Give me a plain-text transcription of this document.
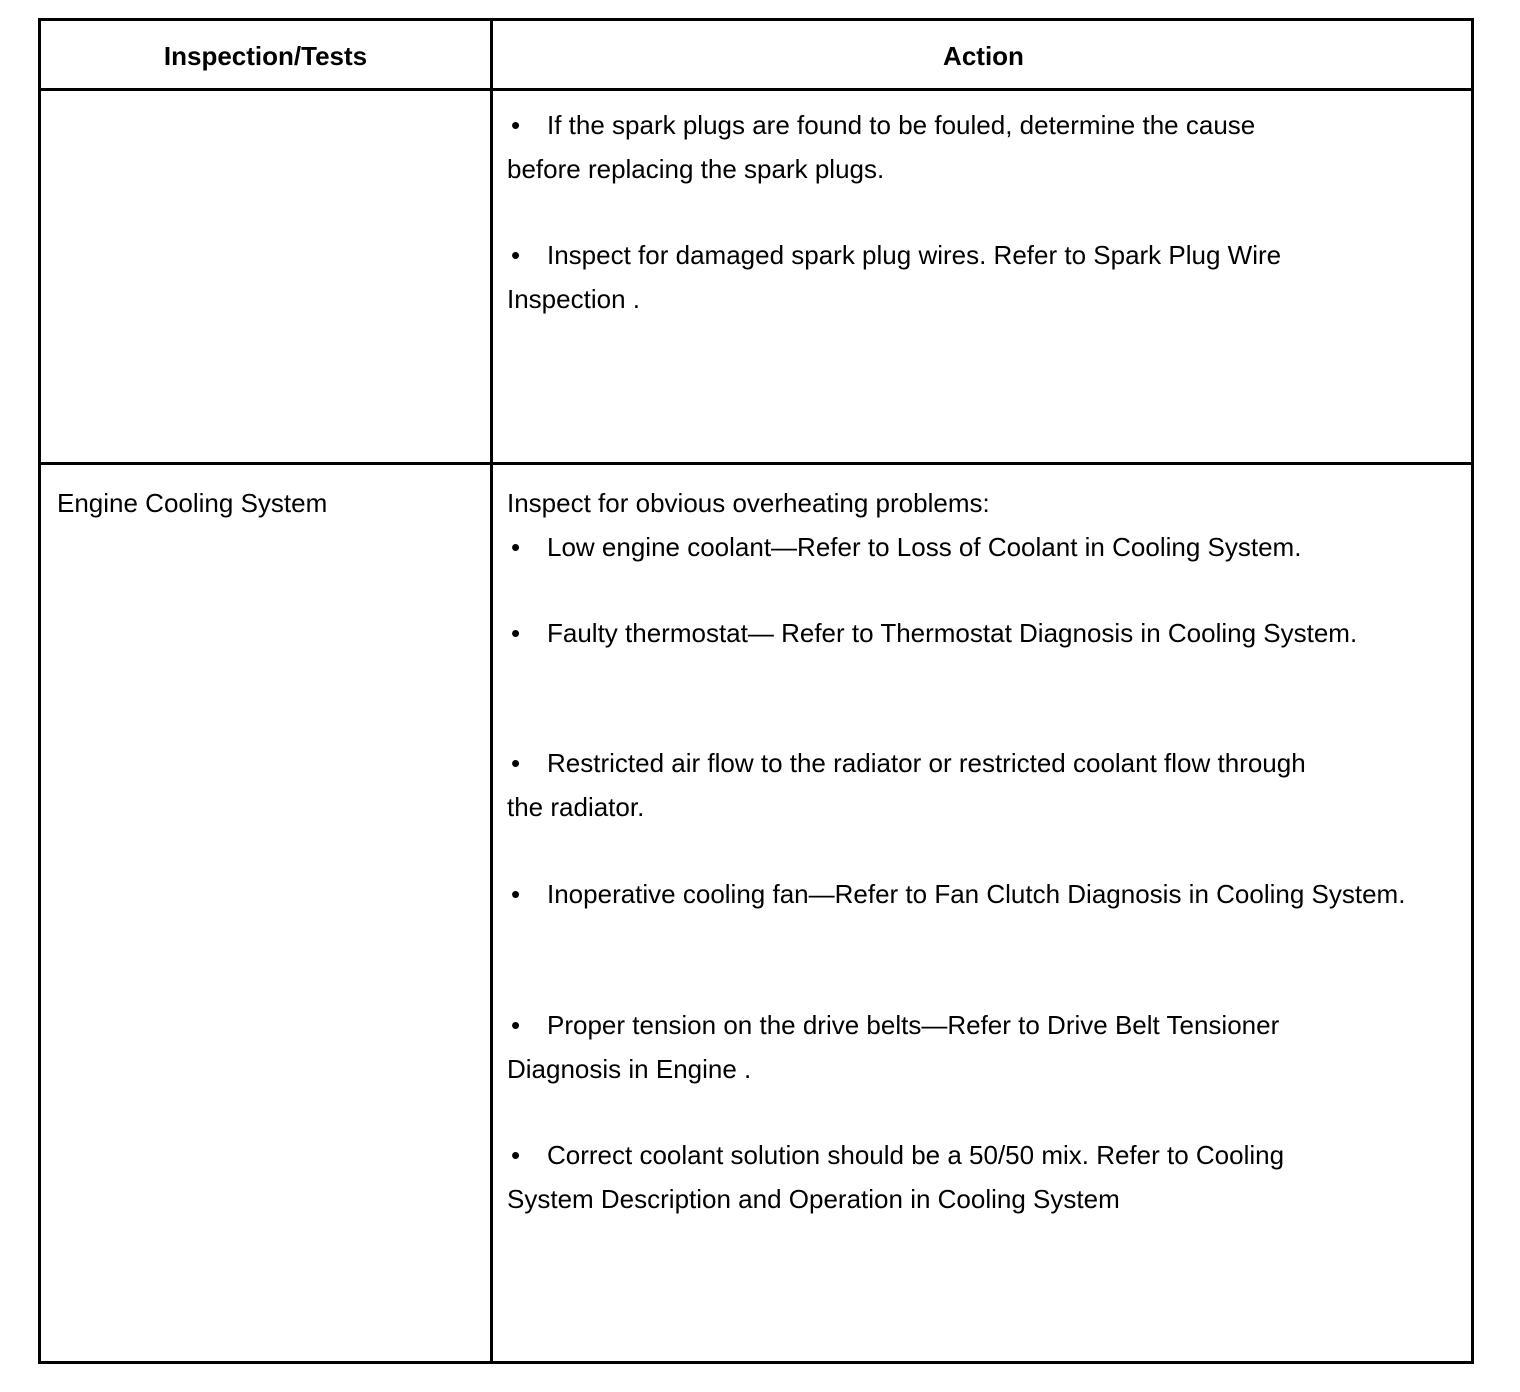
Inspection/Tests	Action
• If the spark plugs are found to be fouled, determine the cause
before replacing the spark plugs.
• Inspect for damaged spark plug wires. Refer to Spark Plug Wire
Inspection .
Engine Cooling System	Inspect for obvious overheating problems:
• Low engine coolant—Refer to Loss of Coolant in Cooling System.
• Faulty thermostat— Refer to Thermostat Diagnosis in Cooling System.
• Restricted air flow to the radiator or restricted coolant flow through
the radiator.
• Inoperative cooling fan—Refer to Fan Clutch Diagnosis in Cooling System.
• Proper tension on the drive belts—Refer to Drive Belt Tensioner
Diagnosis in Engine .
• Correct coolant solution should be a 50/50 mix. Refer to Cooling
System Description and Operation in Cooling System
